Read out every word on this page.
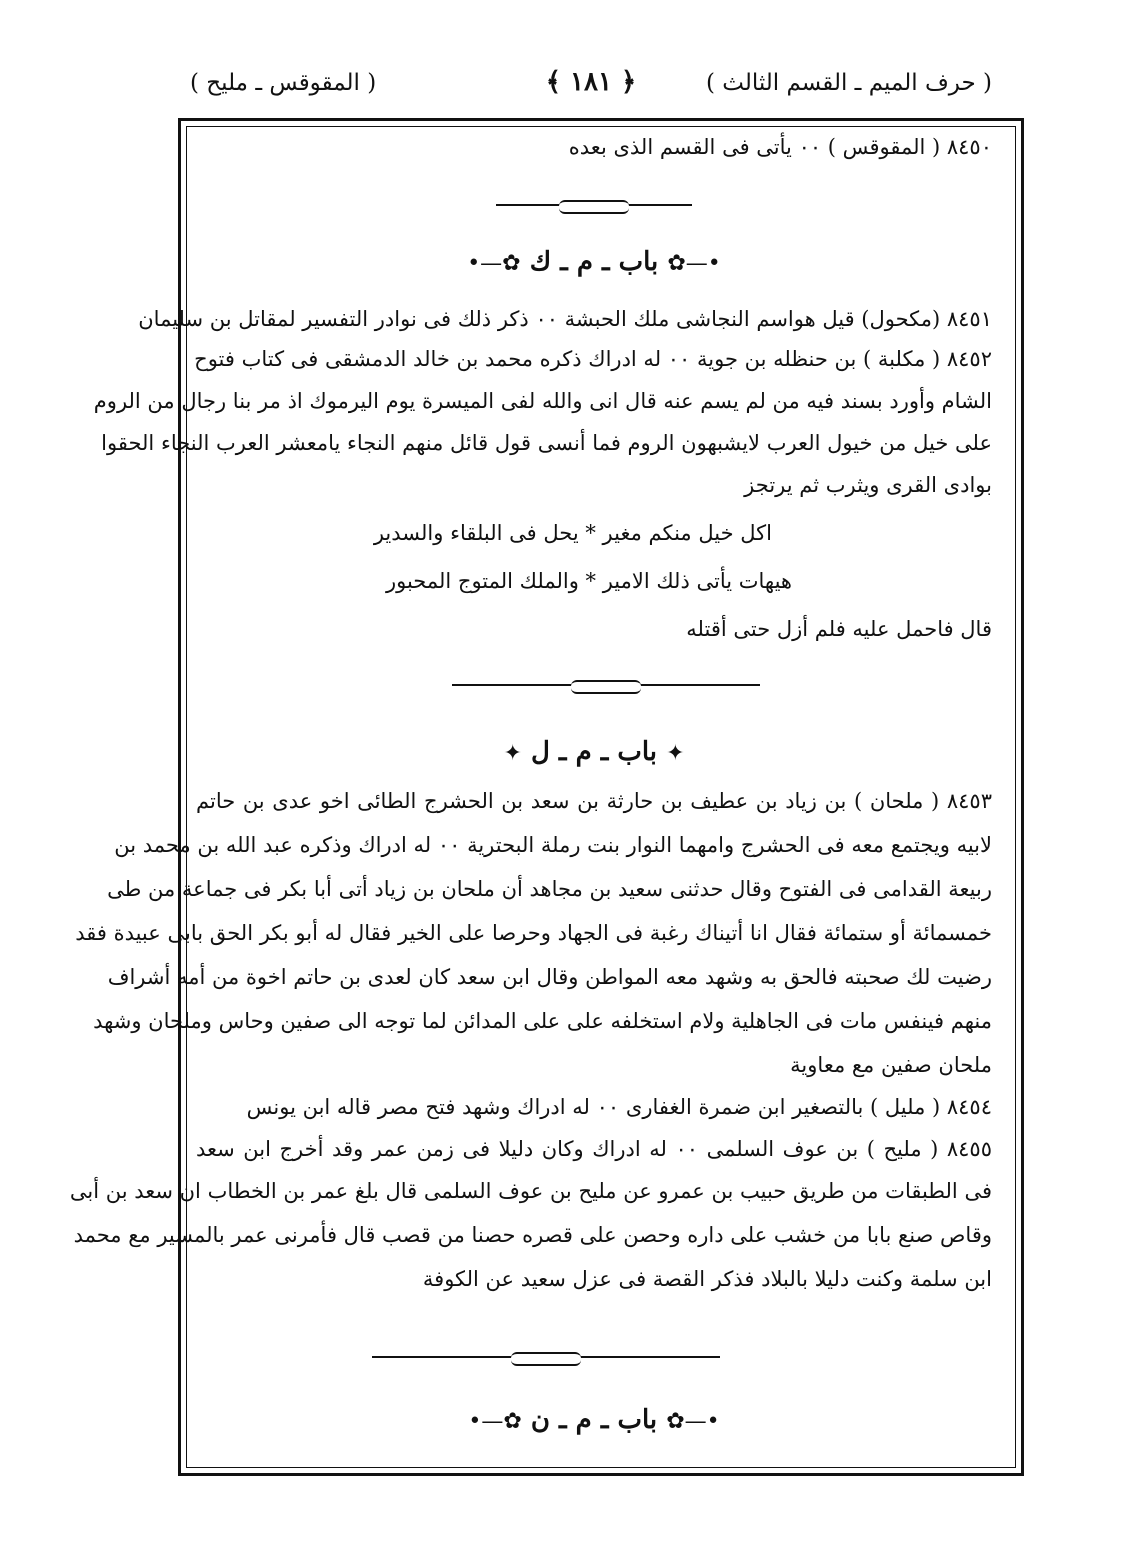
( حرف الميم ـ القسم الثالث )
﴿ ١٨١ ﴾
( المقوقس ـ مليح )
٨٤٥٠ ( المقوقس ) ٠٠ يأتى فى القسم الذى بعده
•—✿ باب ـ م ـ ك ✿—•
٨٤٥١ (مكحول) قيل هواسم النجاشى ملك الحبشة ٠٠ ذكر ذلك فى نوادر التفسير لمقاتل بن سليمان
٨٤٥٢ ( مكلبة ) بن حنظله بن جوية ٠٠ له ادراك ذكره محمد بن خالد الدمشقى فى كتاب فتوح
الشام وأورد بسند فيه من لم يسم عنه قال انى والله لفى الميسرة يوم اليرموك اذ مر بنا رجال من الروم
على خيل من خيول العرب لايشبهون الروم فما أنسى قول قائل منهم النجاء يامعشر العرب النجاء الحقوا
بوادى القرى ويثرب ثم يرتجز
اكل خيل منكم مغير * يحل فى البلقاء والسدير
هيهات يأتى ذلك الامير * والملك المتوج المحبور
قال فاحمل عليه فلم أزل حتى أقتله
✦ باب ـ م ـ ل ✦
٨٤٥٣ ( ملحان ) بن زياد بن عطيف بن حارثة بن سعد بن الحشرج الطائى اخو عدى بن حاتم
لابيه ويجتمع معه فى الحشرج وامهما النوار بنت رملة البحترية ٠٠ له ادراك وذكره عبد الله بن محمد بن
ربيعة القدامى فى الفتوح وقال حدثنى سعيد بن مجاهد أن ملحان بن زياد أتى أبا بكر فى جماعة من طى
خمسمائة أو ستمائة فقال انا أتيناك رغبة فى الجهاد وحرصا على الخير فقال له أبو بكر الحق بابى عبيدة فقد
رضيت لك صحبته فالحق به وشهد معه المواطن وقال ابن سعد كان لعدى بن حاتم اخوة من أمه أشراف
منهم فينفس مات فى الجاهلية ولام استخلفه على على المدائن لما توجه الى صفين وحاس وملحان وشهد
ملحان صفين مع معاوية
٨٤٥٤ ( مليل ) بالتصغير ابن ضمرة الغفارى ٠٠ له ادراك وشهد فتح مصر قاله ابن يونس
٨٤٥٥ ( مليح ) بن عوف السلمى ٠٠ له ادراك وكان دليلا فى زمن عمر وقد أخرج ابن سعد
فى الطبقات من طريق حبيب بن عمرو عن مليح بن عوف السلمى قال بلغ عمر بن الخطاب ان سعد بن أبى
وقاص صنع بابا من خشب على داره وحصن على قصره حصنا من قصب قال فأمرنى عمر بالمسير مع محمد
ابن سلمة وكنت دليلا بالبلاد فذكر القصة فى عزل سعيد عن الكوفة
•—✿ باب ـ م ـ ن ✿—•
